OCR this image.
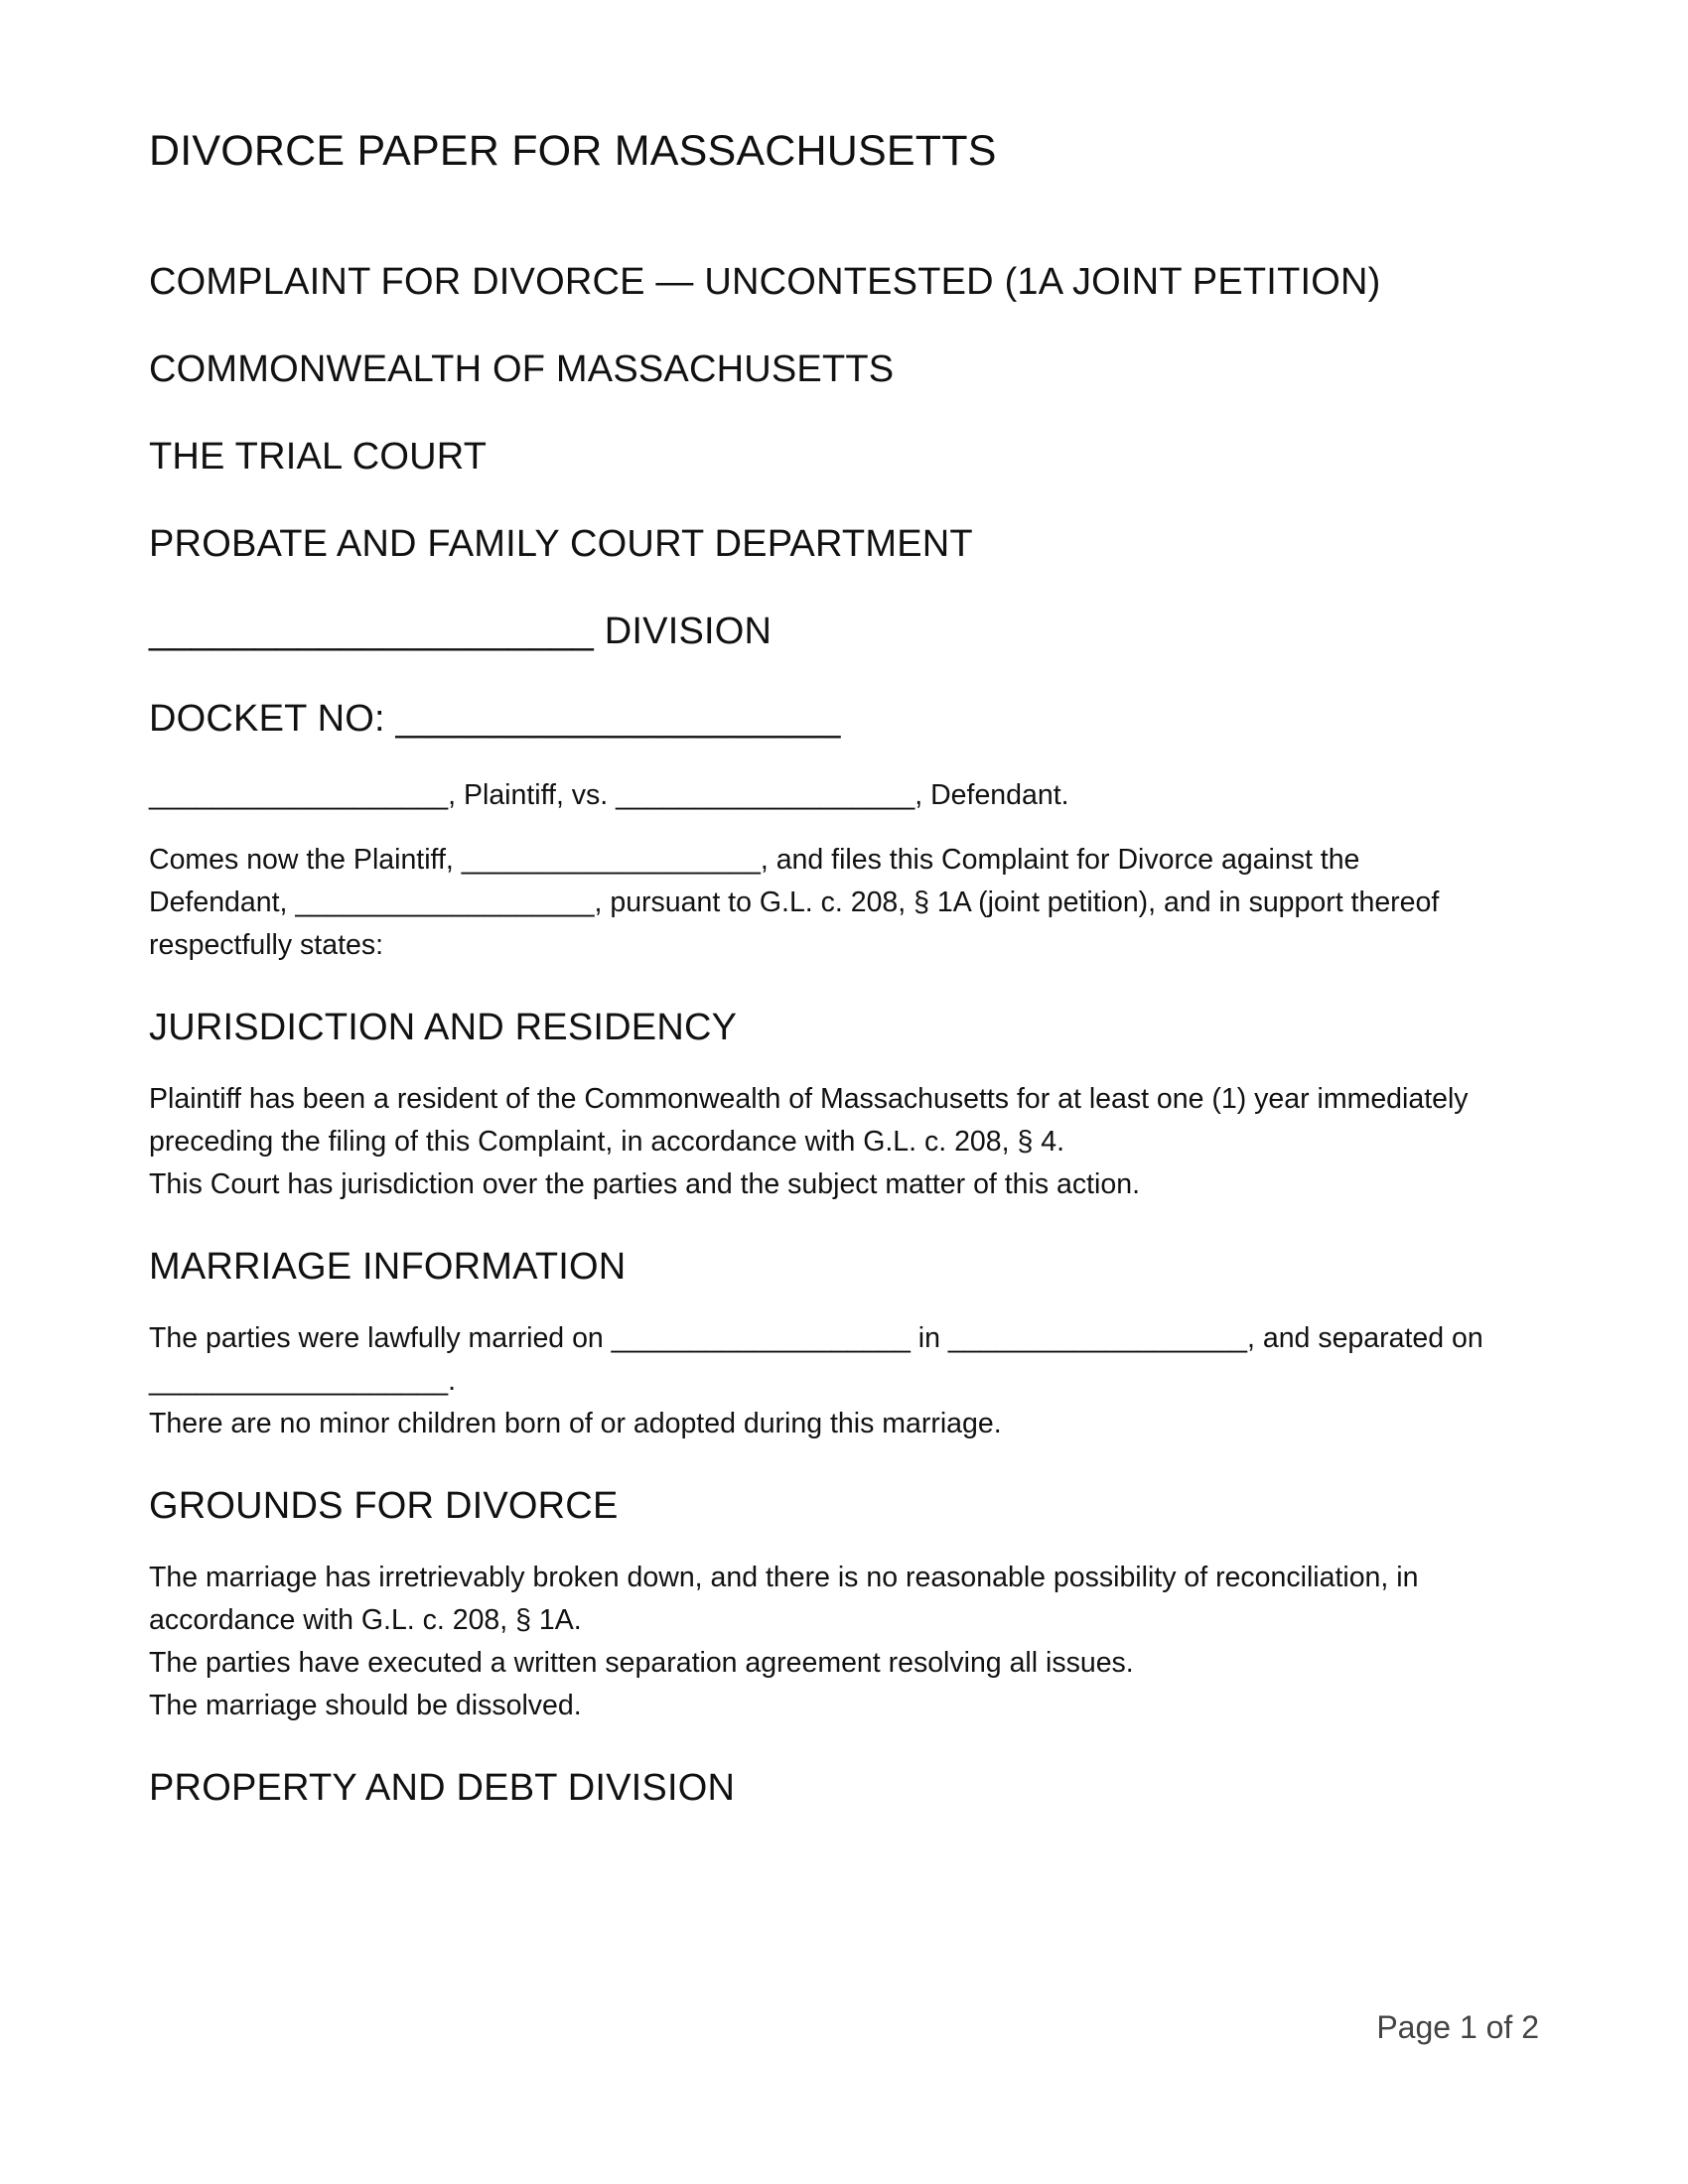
DIVORCE PAPER FOR MASSACHUSETTS
COMPLAINT FOR DIVORCE — UNCONTESTED (1A JOINT PETITION)
COMMONWEALTH OF MASSACHUSETTS
THE TRIAL COURT
PROBATE AND FAMILY COURT DEPARTMENT
_____________________ DIVISION
DOCKET NO: _____________________

___________________, Plaintiff, vs. ___________________, Defendant.

Comes now the Plaintiff, ___________________, and files this Complaint for Divorce against the
Defendant, ___________________, pursuant to G.L. c. 208, § 1A (joint petition), and in support thereof
respectfully states:
JURISDICTION AND RESIDENCY
Plaintiff has been a resident of the Commonwealth of Massachusetts for at least one (1) year immediately
preceding the filing of this Complaint, in accordance with G.L. c. 208, § 4.
This Court has jurisdiction over the parties and the subject matter of this action.
MARRIAGE INFORMATION
The parties were lawfully married on ___________________ in ___________________, and separated on
___________________.
There are no minor children born of or adopted during this marriage.
GROUNDS FOR DIVORCE
The marriage has irretrievably broken down, and there is no reasonable possibility of reconciliation, in
accordance with G.L. c. 208, § 1A.
The parties have executed a written separation agreement resolving all issues.
The marriage should be dissolved.
PROPERTY AND DEBT DIVISION
Page 1 of 2
